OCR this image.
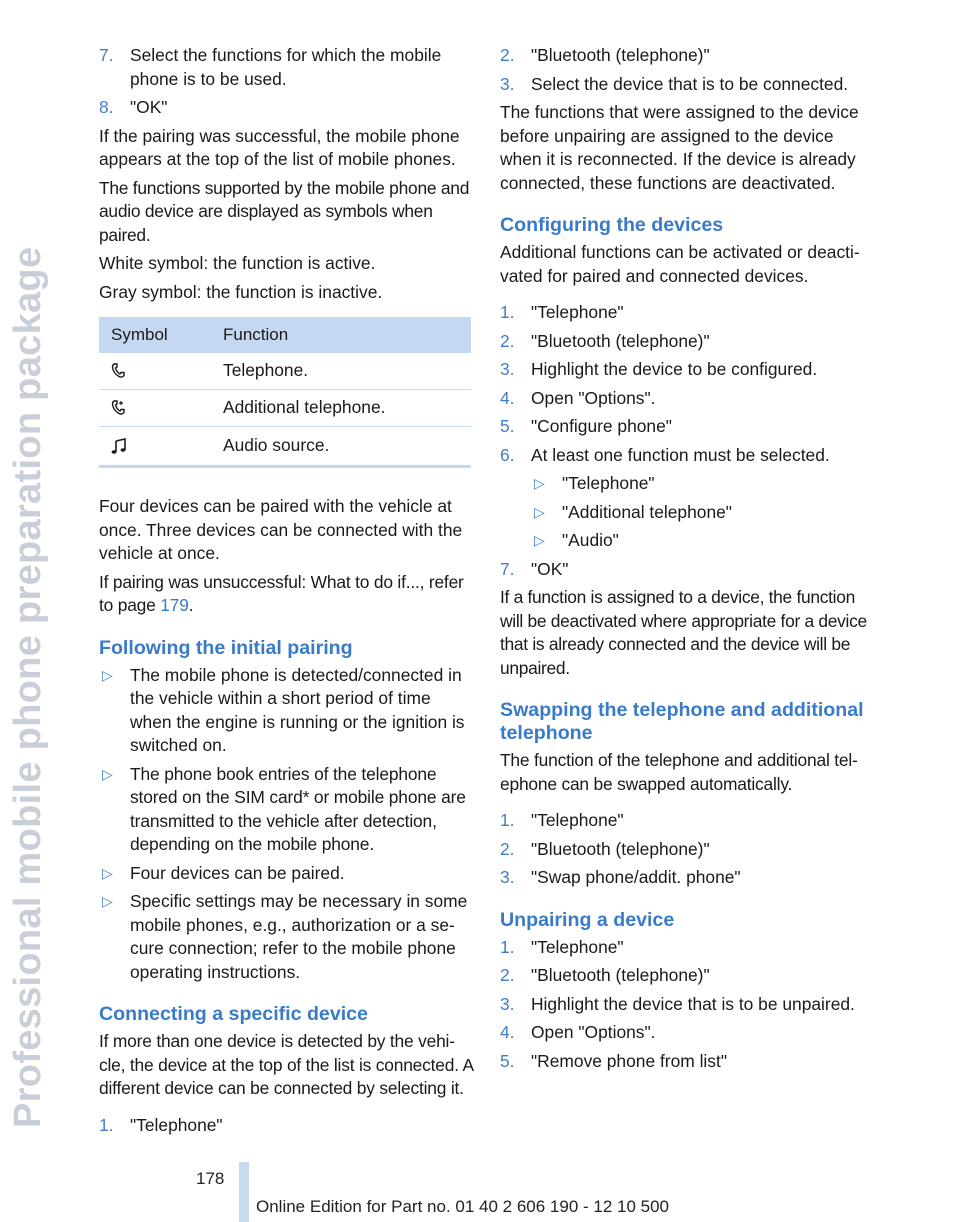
Professional mobile phone preparation package
7. Select the functions for which the mobile phone is to be used.
8. "OK"

If the pairing was successful, the mobile phone appears at the top of the list of mobile phones.

The functions supported by the mobile phone and audio device are displayed as symbols when paired.

White symbol: the function is active.

Gray symbol: the function is inactive.

Symbol	Function

	Telephone.

	Additional telephone.

	Audio source.

Four devices can be paired with the vehicle at once. Three devices can be connected with the vehicle at once.

If pairing was unsuccessful: What to do if..., refer to page 179.

Following the initial pairing
▷ The mobile phone is detected/connected in the vehicle within a short period of time when the engine is running or the ignition is switched on.
▷ The phone book entries of the telephone stored on the SIM card* or mobile phone are transmitted to the vehicle after detection, depending on the mobile phone.
▷ Four devices can be paired.
▷ Specific settings may be necessary in some mobile phones, e.g., authorization or a secure connection; refer to the mobile phone operating instructions.
Connecting a specific device

If more than one device is detected by the vehicle, the device at the top of the list is connected. A different device can be connected by selecting it.

1. "Telephone"
2. "Bluetooth (telephone)"
3. Select the device that is to be connected.

The functions that were assigned to the device before unpairing are assigned to the device when it is reconnected. If the device is already connected, these functions are deactivated.

Configuring the devices

Additional functions can be activated or deactivated for paired and connected devices.

1. "Telephone"
2. "Bluetooth (telephone)"
3. Highlight the device to be configured.
4. Open "Options".
5. "Configure phone"
6. At least one function must be selected.
▷ "Telephone"
▷ "Additional telephone"
▷ "Audio"
7. "OK"

If a function is assigned to a device, the function will be deactivated where appropriate for a device that is already connected and the device will be unpaired.

Swapping the telephone and additional telephone

The function of the telephone and additional telephone can be swapped automatically.

1. "Telephone"
2. "Bluetooth (telephone)"
3. "Swap phone/addit. phone"
Unpairing a device
1. "Telephone"
2. "Bluetooth (telephone)"
3. Highlight the device that is to be unpaired.
4. Open "Options".
5. "Remove phone from list"
178
Online Edition for Part no. 01 40 2 606 190 - 12 10 500
